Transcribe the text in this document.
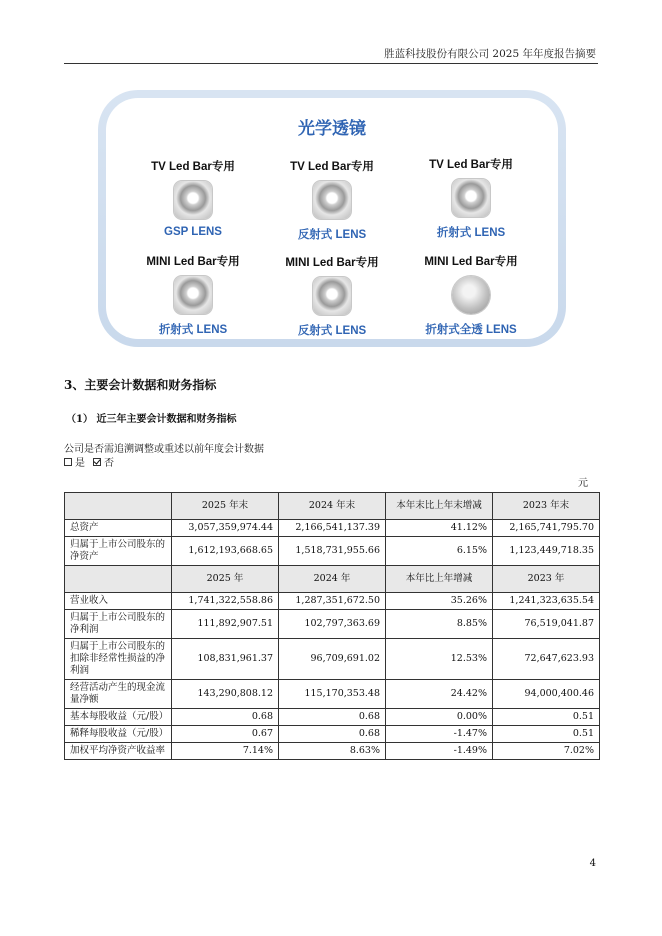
胜蓝科技股份有限公司 2025 年年度报告摘要
光学透镜
TV Led Bar专用
GSP LENS
TV Led Bar专用
反射式 LENS
TV Led Bar专用
折射式 LENS
MINI Led Bar专用
折射式 LENS
MINI Led Bar专用
反射式 LENS
MINI Led Bar专用
折射式全透 LENS
3、主要会计数据和财务指标
（1） 近三年主要会计数据和财务指标
公司是否需追溯调整或重述以前年度会计数据
是 否
元
	2025 年末	2024 年末	本年末比上年末增减	2023 年末
总资产	3,057,359,974.44	2,166,541,137.39	41.12%	2,165,741,795.70
归属于上市公司股东的净资产	1,612,193,668.65	1,518,731,955.66	6.15%	1,123,449,718.35
	2025 年	2024 年	本年比上年增减	2023 年
营业收入	1,741,322,558.86	1,287,351,672.50	35.26%	1,241,323,635.54
归属于上市公司股东的净利润	111,892,907.51	102,797,363.69	8.85%	76,519,041.87
归属于上市公司股东的扣除非经常性损益的净利润	108,831,961.37	96,709,691.02	12.53%	72,647,623.93
经营活动产生的现金流量净额	143,290,808.12	115,170,353.48	24.42%	94,000,400.46
基本每股收益（元/股）	0.68	0.68	0.00%	0.51
稀释每股收益（元/股）	0.67	0.68	-1.47%	0.51
加权平均净资产收益率	7.14%	8.63%	-1.49%	7.02%
4
